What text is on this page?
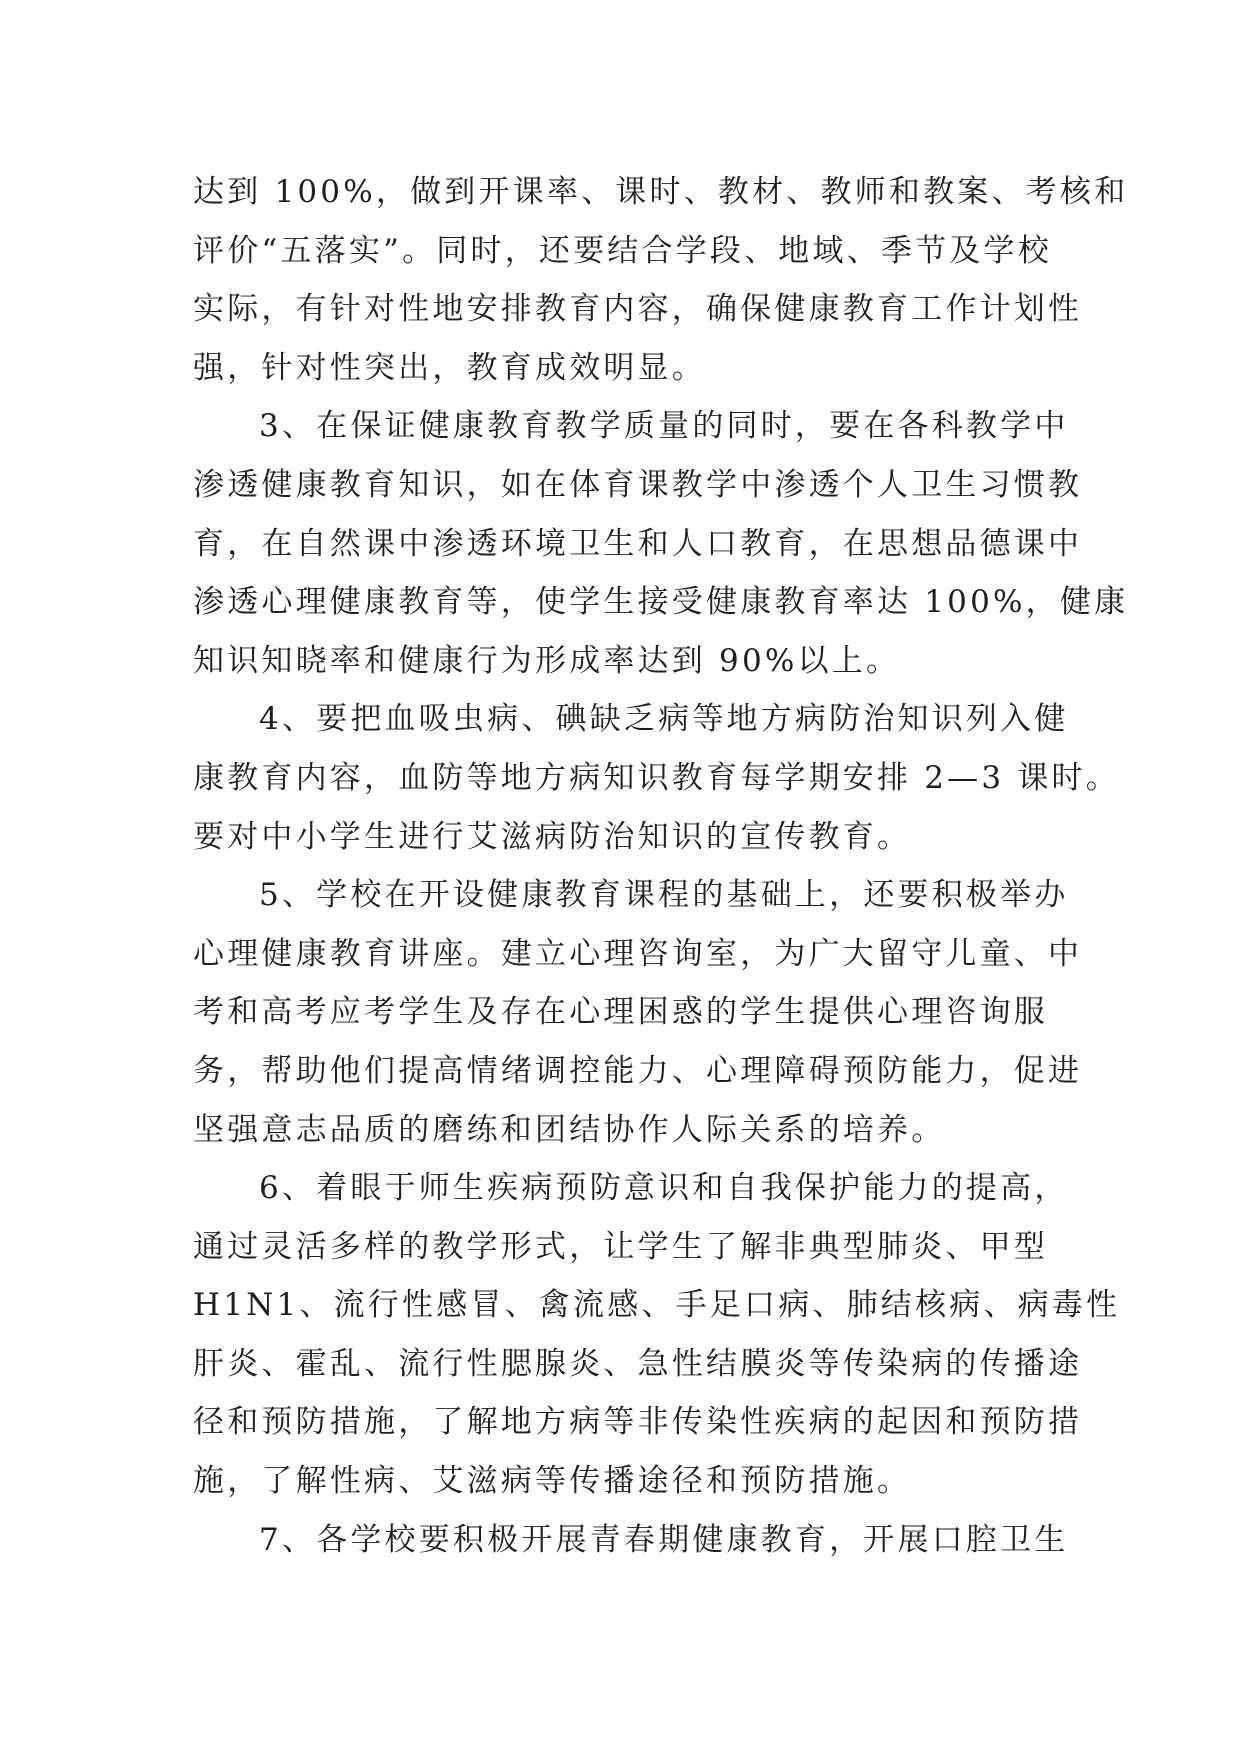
达到 100%，做到开课率、课时、教材、教师和教案、考核和
评价“五落实”。同时，还要结合学段、地域、季节及学校
实际，有针对性地安排教育内容，确保健康教育工作计划性
强，针对性突出，教育成效明显。
3、在保证健康教育教学质量的同时，要在各科教学中
渗透健康教育知识，如在体育课教学中渗透个人卫生习惯教
育，在自然课中渗透环境卫生和人口教育，在思想品德课中
渗透心理健康教育等，使学生接受健康教育率达 100%，健康
知识知晓率和健康行为形成率达到 90%以上。
4、要把血吸虫病、碘缺乏病等地方病防治知识列入健
康教育内容，血防等地方病知识教育每学期安排 2—3 课时。
要对中小学生进行艾滋病防治知识的宣传教育。
5、学校在开设健康教育课程的基础上，还要积极举办
心理健康教育讲座。建立心理咨询室，为广大留守儿童、中
考和高考应考学生及存在心理困惑的学生提供心理咨询服
务，帮助他们提高情绪调控能力、心理障碍预防能力，促进
坚强意志品质的磨练和团结协作人际关系的培养。
6、着眼于师生疾病预防意识和自我保护能力的提高，
通过灵活多样的教学形式，让学生了解非典型肺炎、甲型
H1N1、流行性感冒、禽流感、手足口病、肺结核病、病毒性
肝炎、霍乱、流行性腮腺炎、急性结膜炎等传染病的传播途
径和预防措施，了解地方病等非传染性疾病的起因和预防措
施，了解性病、艾滋病等传播途径和预防措施。
7、各学校要积极开展青春期健康教育，开展口腔卫生
